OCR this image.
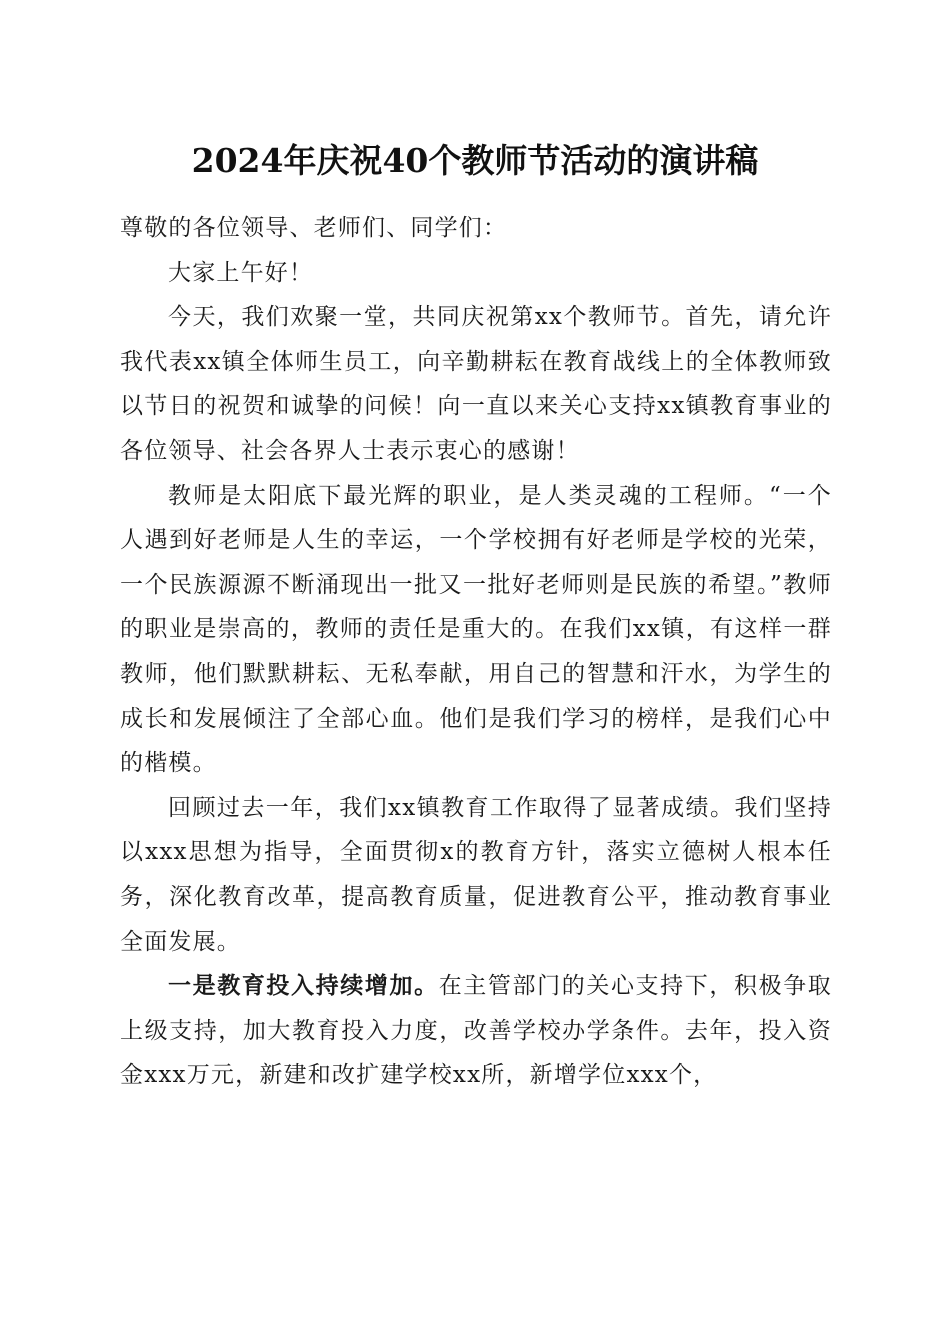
2024年庆祝40个教师节活动的演讲稿

尊敬的各位领导、老师们、同学们：

大家上午好！

今天，我们欢聚一堂，共同庆祝第xx个教师节。首先，请允许我代表xx镇全体师生员工，向辛勤耕耘在教育战线上的全体教师致以节日的祝贺和诚挚的问候！向一直以来关心支持xx镇教育事业的各位领导、社会各界人士表示衷心的感谢！

教师是太阳底下最光辉的职业，是人类灵魂的工程师。“一个人遇到好老师是人生的幸运，一个学校拥有好老师是学校的光荣，一个民族源源不断涌现出一批又一批好老师则是民族的希望。”教师的职业是崇高的，教师的责任是重大的。在我们xx镇，有这样一群教师，他们默默耕耘、无私奉献，用自己的智慧和汗水，为学生的成长和发展倾注了全部心血。他们是我们学习的榜样，是我们心中的楷模。

回顾过去一年，我们xx镇教育工作取得了显著成绩。我们坚持以xxx思想为指导，全面贯彻x的教育方针，落实立德树人根本任务，深化教育改革，提高教育质量，促进教育公平，推动教育事业全面发展。

一是教育投入持续增加。在主管部门的关心支持下，积极争取上级支持，加大教育投入力度，改善学校办学条件。去年，投入资金xxx万元，新建和改扩建学校xx所，新增学位xxx个，
